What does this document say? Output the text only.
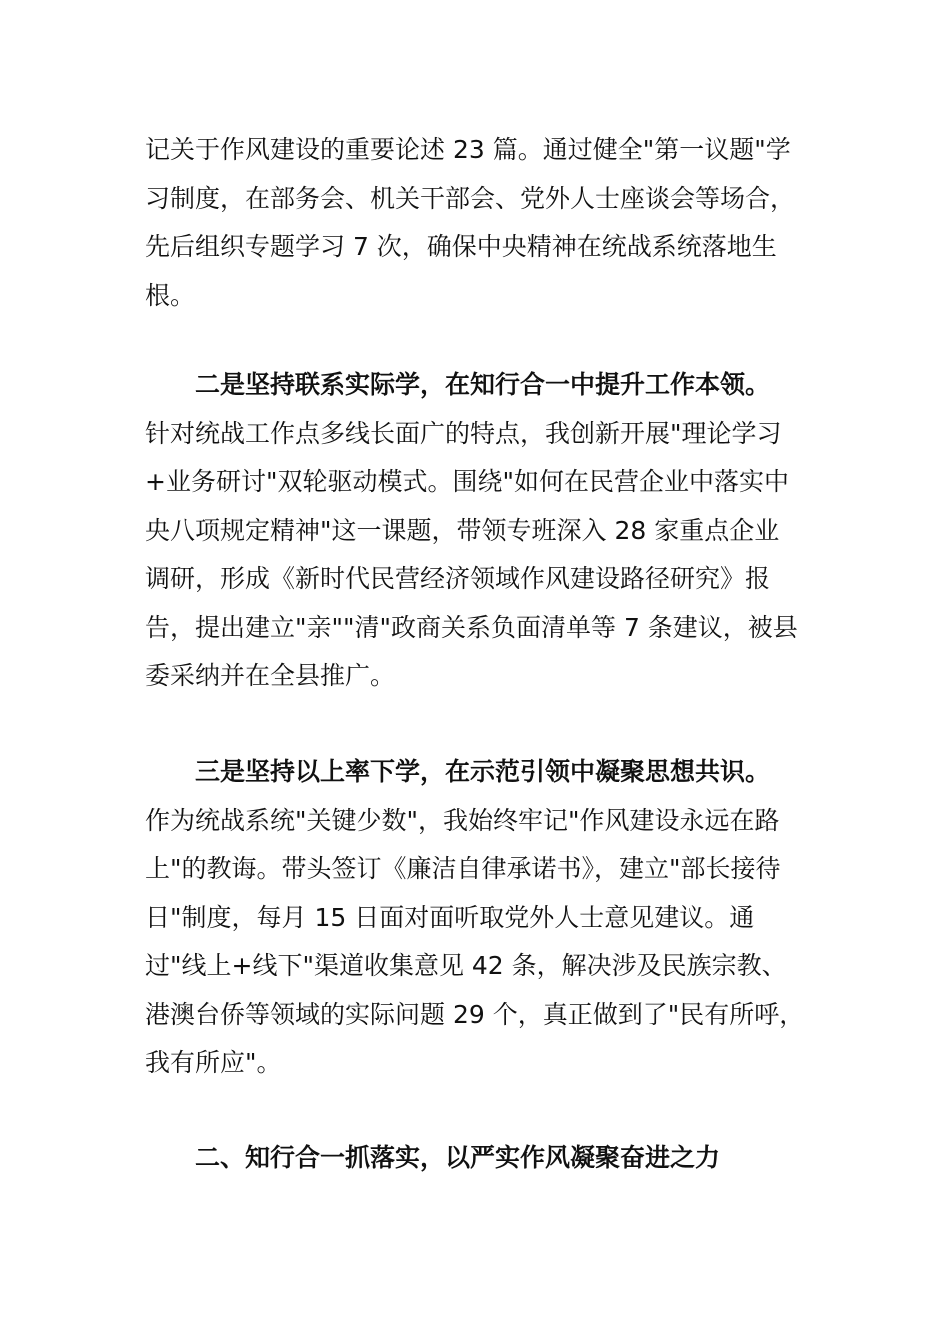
记关于作风建设的重要论述 23 篇。通过健全"第一议题"学
习制度，在部务会、机关干部会、党外人士座谈会等场合，
先后组织专题学习 7 次，确保中央精神在统战系统落地生
根。
二是坚持联系实际学，在知行合一中提升工作本领。
针对统战工作点多线长面广的特点，我创新开展"理论学习
+业务研讨"双轮驱动模式。围绕"如何在民营企业中落实中
央八项规定精神"这一课题，带领专班深入 28 家重点企业
调研，形成《新时代民营经济领域作风建设路径研究》报
告，提出建立"亲""清"政商关系负面清单等 7 条建议，被县
委采纳并在全县推广。
三是坚持以上率下学，在示范引领中凝聚思想共识。
作为统战系统"关键少数"，我始终牢记"作风建设永远在路
上"的教诲。带头签订《廉洁自律承诺书》，建立"部长接待
日"制度，每月 15 日面对面听取党外人士意见建议。通
过"线上+线下"渠道收集意见 42 条，解决涉及民族宗教、
港澳台侨等领域的实际问题 29 个，真正做到了"民有所呼，
我有所应"。
二、知行合一抓落实，以严实作风凝聚奋进之力
